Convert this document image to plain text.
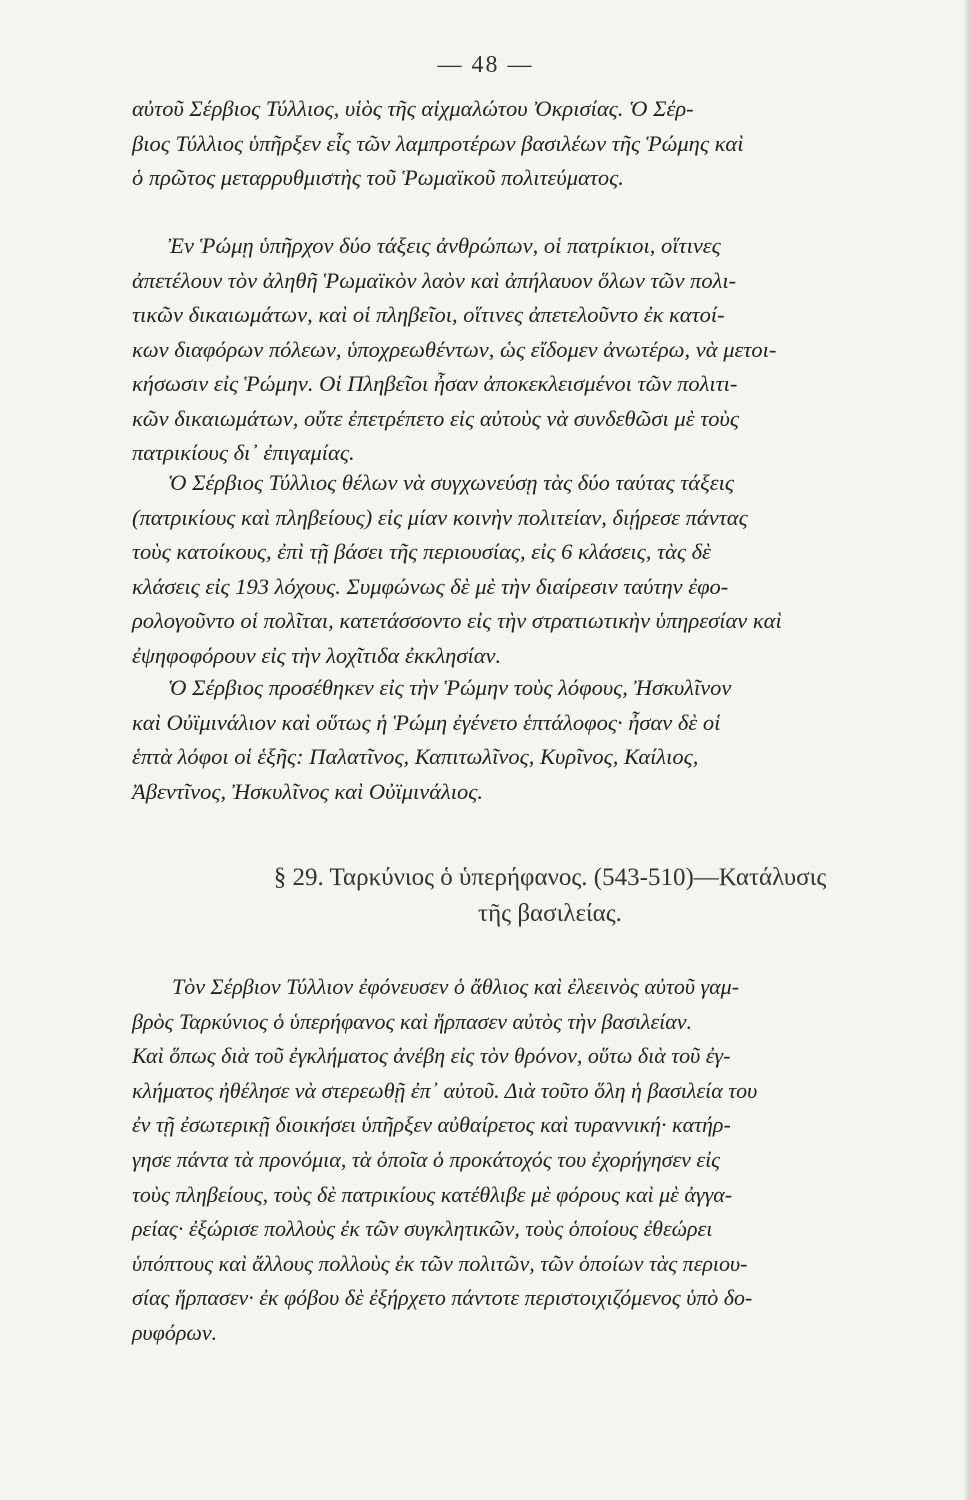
— 48 —

αὐτοῦ Σέρβιος Τύλλιος, υἱὸς τῆς αἰχμαλώτου Ὀκρισίας. Ὁ Σέρ-
βιος Τύλλιος ὑπῆρξεν εἷς τῶν λαμπροτέρων βασιλέων τῆς Ῥώμης καὶ
ὁ πρῶτος μεταρρυθμιστὴς τοῦ Ῥωμαϊκοῦ πολιτεύματος.

Ἐν Ῥώμῃ ὑπῆρχον δύο τάξεις ἀνθρώπων, οἱ πατρίκιοι, οἵτινες
ἀπετέλουν τὸν ἀληθῆ Ῥωμαϊκὸν λαὸν καὶ ἀπήλαυον ὅλων τῶν πολι-
τικῶν δικαιωμάτων, καὶ οἱ πληβεῖοι, οἵτινες ἀπετελοῦντο ἐκ κατοί-
κων διαφόρων πόλεων, ὑποχρεωθέντων, ὡς εἴδομεν ἀνωτέρω, νὰ μετοι-
κήσωσιν εἰς Ῥώμην. Οἱ Πληβεῖοι ἦσαν ἀποκεκλεισμένοι τῶν πολιτι-
κῶν δικαιωμάτων, οὔτε ἐπετρέπετο εἰς αὐτοὺς νὰ συνδεθῶσι μὲ τοὺς
πατρικίους δι᾽ ἐπιγαμίας.

Ὁ Σέρβιος Τύλλιος θέλων νὰ συγχωνεύσῃ τὰς δύο ταύτας τάξεις
(πατρικίους καὶ πληβείους) εἰς μίαν κοινὴν πολιτείαν, διῄρεσε πάντας
τοὺς κατοίκους, ἐπὶ τῇ βάσει τῆς περιουσίας, εἰς 6 κλάσεις, τὰς δὲ
κλάσεις εἰς 193 λόχους. Συμφώνως δὲ μὲ τὴν διαίρεσιν ταύτην ἐφο-
ρολογοῦντο οἱ πολῖται, κατετάσσοντο εἰς τὴν στρατιωτικὴν ὑπηρεσίαν καὶ
ἐψηφοφόρουν εἰς τὴν λοχῖτιδα ἐκκλησίαν.

Ὁ Σέρβιος προσέθηκεν εἰς τὴν Ῥώμην τοὺς λόφους, Ἠσκυλῖνον
καὶ Οὐϊμινάλιον καὶ οὕτως ἡ Ῥώμη ἐγένετο ἑπτάλοφος· ἦσαν δὲ οἱ
ἑπτὰ λόφοι οἱ ἑξῆς: Παλατῖνος, Καπιτωλῖνος, Κυρῖνος, Καίλιος,
Ἀβεντῖνος, Ἠσκυλῖνος καὶ Οὐϊμινάλιος.

§ 29. Ταρκύνιος ὁ ὑπερήφανος. (543-510)—Κατάλυσις
τῆς βασιλείας.

Τὸν Σέρβιον Τύλλιον ἐφόνευσεν ὁ ἄθλιος καὶ ἐλεεινὸς αὐτοῦ γαμ-
βρὸς Ταρκύνιος ὁ ὑπερήφανος καὶ ἥρπασεν αὐτὸς τὴν βασιλείαν.
Καὶ ὅπως διὰ τοῦ ἐγκλήματος ἀνέβη εἰς τὸν θρόνον, οὕτω διὰ τοῦ ἐγ-
κλήματος ἠθέλησε νὰ στερεωθῇ ἐπ᾽ αὐτοῦ. Διὰ τοῦτο ὅλη ἡ βασιλεία του
ἐν τῇ ἐσωτερικῇ διοικήσει ὑπῆρξεν αὐθαίρετος καὶ τυραννική· κατήρ-
γησε πάντα τὰ προνόμια, τὰ ὁποῖα ὁ προκάτοχός του ἐχορήγησεν εἰς
τοὺς πληβείους, τοὺς δὲ πατρικίους κατέθλιβε μὲ φόρους καὶ μὲ ἀγγα-
ρείας· ἐξώρισε πολλοὺς ἐκ τῶν συγκλητικῶν, τοὺς ὁποίους ἐθεώρει
ὑπόπτους καὶ ἄλλους πολλοὺς ἐκ τῶν πολιτῶν, τῶν ὁποίων τὰς περιου-
σίας ἥρπασεν· ἐκ φόβου δὲ ἐξήρχετο πάντοτε περιστοιχιζόμενος ὑπὸ δο-
ρυφόρων.
